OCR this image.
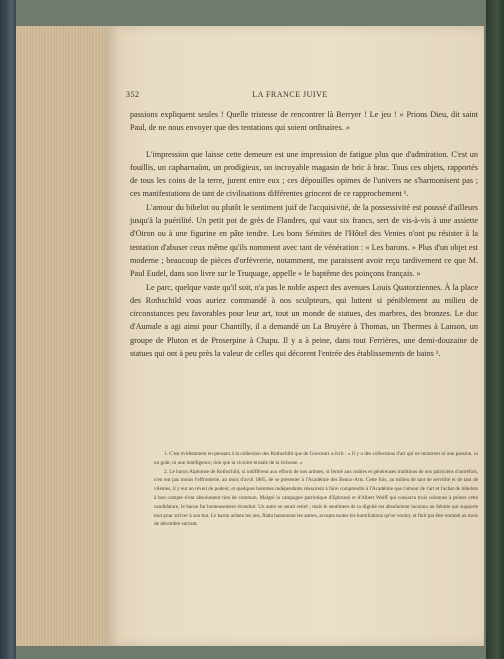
352	LA FRANCE JUIVE

passions expliquent seules ! Quelle tristesse de rencontrer là Berryer ! Le jeu ! « Prions Dieu, dit saint Paul, de ne nous envoyer que des tentations qui soient ordinaires. »

L'impression que laisse cette demeure est une impression de fatigue plus que d'admiration. C'est un fouillis, un capharnaüm, un prodigieux, un incroyable magasin de bric à brac. Tous ces objets, rapportés de tous les coins de la terre, jurent entre eux ; ces dépouilles opimes de l'univers ne s'harmonisent pas ; ces manifestations de tant de civilisations différentes grincent de ce rapprochement ¹.

L'amour du bibelot ou plutôt le sentiment juif de l'acquisivité, de la possessivité est poussé d'ailleurs jusqu'à la puérilité. Un petit pot de grès de Flandres, qui vaut six francs, sert de vis-à-vis à une assiette d'Oiron ou à une figurine en pâte tendre. Les bons Sémites de l'Hôtel des Ventes n'ont pu résister à la tentation d'abuser ceux même qu'ils nomment avec tant de vénération : « Les barons. » Plus d'un objet est moderne ; beaucoup de pièces d'orfèvrerie, notamment, me paraissent avoir reçu tardivement ce que M. Paul Eudel, dans son livre sur le Truquage, appelle « le baptême des poinçons français. »

Le parc, quelque vaste qu'il soit, n'a pas le noble aspect des avenues Louis Quatorziennes. À la place des Rothschild vous auriez commandé à nos sculpteurs, qui luttent si péniblement au milieu de circonstances peu favorables pour leur art, tout un monde de statues, des marbres, des bronzes. Le duc d'Aumale a agi ainsi pour Chantilly, il a demandé un La Bruyère à Thomas, un Thermes à Lanson, un groupe de Pluton et de Proserpine à Chapu. Il y a à peine, dans tout Ferrières, une demi-douzaine de statues qui ont à peu près la valeur de celles qui décorent l'entrée des établissements de bains ².

1. C'est évidemment en pensant à la collection des Rothschild que de Goncourt a écrit : « Il y a des collections d'art qui ne montrent ni une passion, ni un goût, ni une intelligence, rien que la victoire brutale de la richesse. »

2. Le baron Alphonse de Rothschild, si indifférent aux efforts de nos artistes, si fermé aux nobles et généreuses traditions de nos patriciens d'autrefois, n'en eut pas moins l'effronterie, au mois d'avril 1885, de se présenter à l'Académie des Beaux-Arts. Cette fois, au milieu de tant de servilité et de tant de vilenies, il y eut un réveil de pudeur, et quelques hommes indépendants réussirent à faire comprendre à l'Académie que l'amour de l'art et l'achat de bibelots à bon compte n'ont absolument rien de commun. Malgré la campagne patriotique d'Ephrussi et d'Albert Wolff qui consacra trois colonnes à prôner cette candidature, le baron fut honteusement éconduit. Un autre se serait retiré ; mais le sentiment de la dignité est absolument inconnu au Sémite qui supporte tout pour arriver à son but. Le baron acheta les uns, flatta bassement les autres, accepta toutes les humiliations qu'on voulut, et finit par être nommé au mois de décembre suivant.
